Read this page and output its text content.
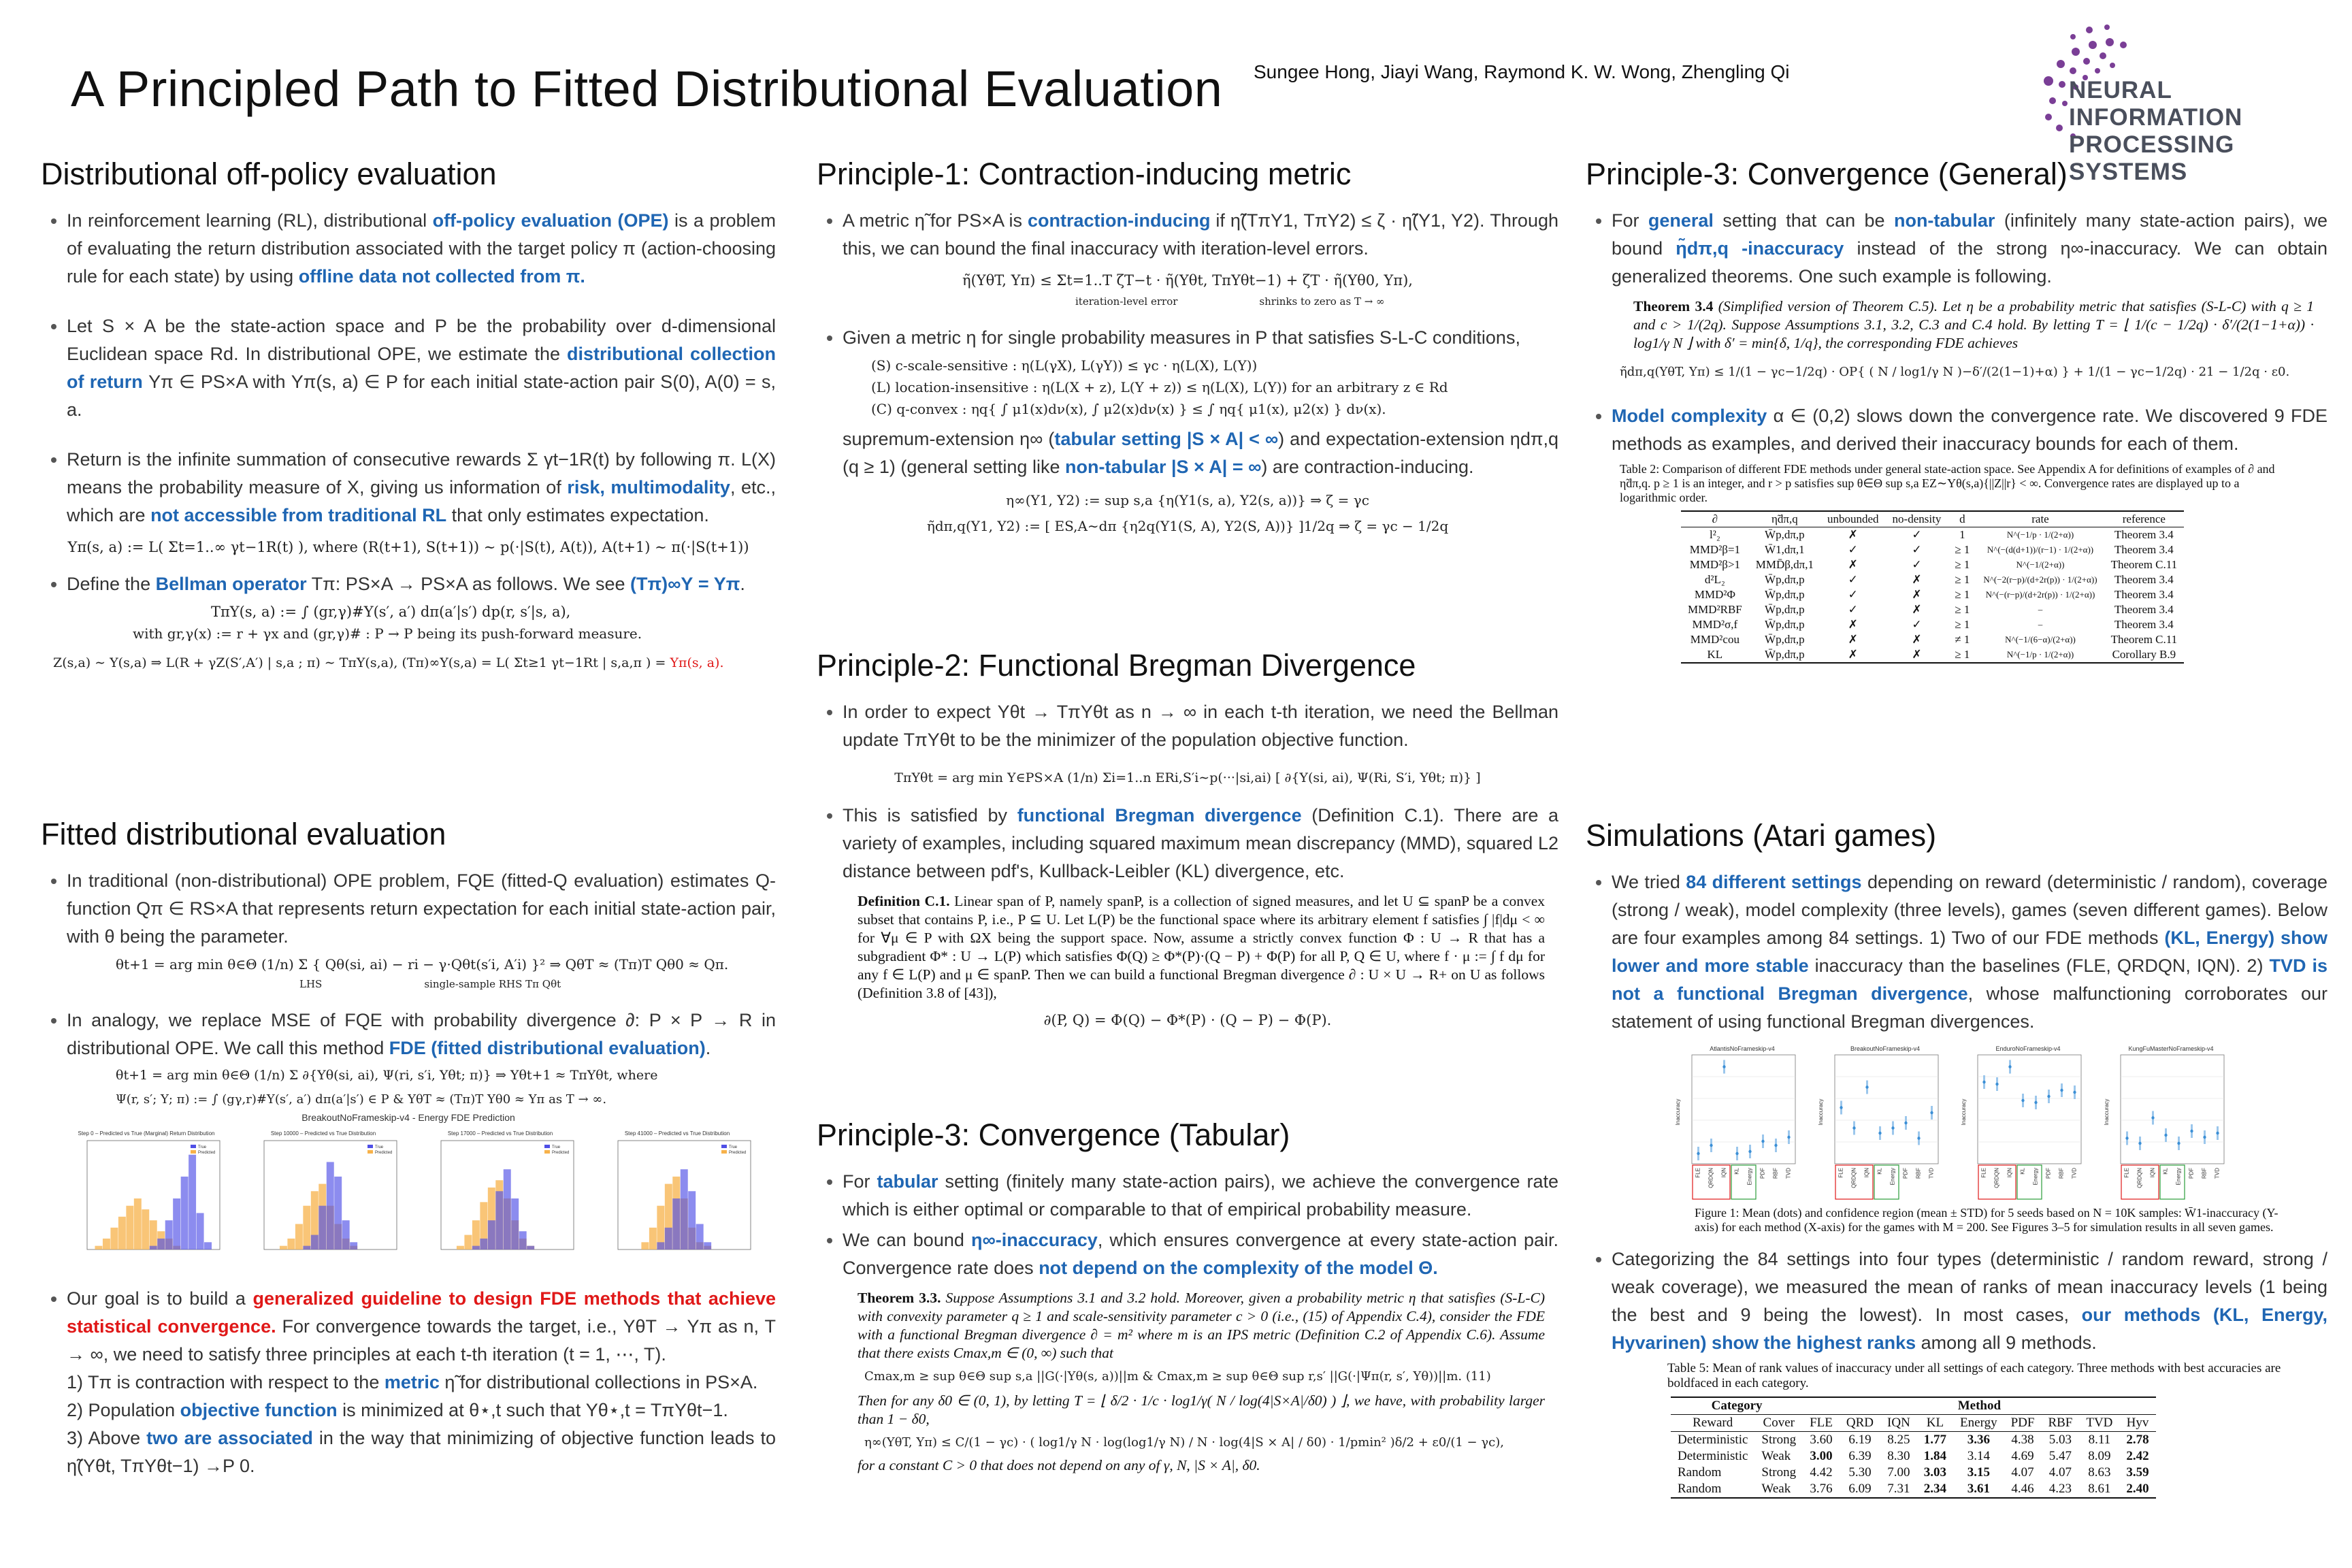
A Principled Path to Fitted Distributional Evaluation Sungee Hong, Jiayi Wang, Raymond K. W. Wong, Zhengling Qi
NEURAL INFORMATION
PROCESSING SYSTEMS
Distributional off-policy evaluation
• In reinforcement learning (RL), distributional off-policy evaluation (OPE) is a problem of evaluating the return distribution associated with the target policy π (action-choosing rule for each state) by using offline data not collected from π.
• Let S × A be the state-action space and P be the probability over d-dimensional Euclidean space Rd. In distributional OPE, we estimate the distributional collection of return Υπ ∈ PS×A with Υπ(s, a) ∈ P for each initial state-action pair S(0), A(0) = s, a.
• Return is the infinite summation of consecutive rewards Σ γt−1R(t) by following π. L(X) means the probability measure of X, giving us information of risk, multimodality, etc., which are not accessible from traditional RL that only estimates expectation.
Υπ(s, a) := L( Σt=1..∞ γt−1R(t) ), where (R(t+1), S(t+1)) ∼ p(·|S(t), A(t)), A(t+1) ∼ π(·|S(t+1))
• Define the Bellman operator Tπ: PS×A → PS×A as follows. We see (Tπ)∞Υ = Υπ.
TπΥ(s, a) := ∫ (gr,γ)#Υ(s′, a′) dπ(a′|s′) dp(r, s′|s, a),
with gr,γ(x) := r + γx and (gr,γ)# : P → P being its push-forward measure.
Z(s,a) ∼ Υ(s,a) ⇒ L(R + γZ(S′,A′) | s,a ; π) ∼ TπΥ(s,a), (Tπ)∞Υ(s,a) = L( Σt≥1 γt−1Rt | s,a,π ) = Υπ(s, a).
Fitted distributional evaluation
• In traditional (non-distributional) OPE problem, FQE (fitted-Q evaluation) estimates Q-function Qπ ∈ RS×A that represents return expectation for each initial state-action pair, with θ being the parameter.
θt+1 = arg min θ∈Θ (1/n) Σ { Qθ(si, ai) − ri − γ·Qθt(s′i, A′i) }² ⇒ QθT ≈ (Tπ)T Qθ0 ≈ Qπ.
LHS	single-sample RHS Tπ Qθt
• In analogy, we replace MSE of FQE with probability divergence ∂: P × P → R in distributional OPE. We call this method FDE (fitted distributional evaluation).
θt+1 = arg min θ∈Θ (1/n) Σ ∂{Υθ(si, ai), Ψ(ri, s′i, Υθt; π)} ⇒ Υθt+1 ≈ TπΥθt, where
Ψ(r, s′; Υ; π) := ∫ (gγ,r)#Υ(s′, a′) dπ(a′|s′) ∈ P & ΥθT ≈ (Tπ)T Υθ0 ≈ Υπ as T → ∞.
BreakoutNoFrameskip-v4 - Energy FDE Prediction
Step 0 – Predicted vs True (Marginal) Return Distribution
True
Predicted
Step 10000 – Predicted vs True Distribution
True
Predicted
Step 17000 – Predicted vs True Distribution
True
Predicted
Step 41000 – Predicted vs True Distribution
True
Predicted
• Our goal is to build a generalized guideline to design FDE methods that achieve statistical convergence. For convergence towards the target, i.e., ΥθT → Υπ as n, T → ∞, we need to satisfy three principles at each t-th iteration (t = 1, ⋯, T).
1) Tπ is contraction with respect to the metric η̃ for distributional collections in PS×A.
2) Population objective function is minimized at θ⋆,t such that Υθ⋆,t = TπΥθt−1.
3) Above two are associated in the way that minimizing of objective function leads to η̃(Υθt, TπΥθt−1) →P 0.
Principle-1: Contraction-inducing metric
• A metric η̃ for PS×A is contraction-inducing if η̃(TπΥ1, TπΥ2) ≤ ζ · η̃(Υ1, Υ2). Through this, we can bound the final inaccuracy with iteration-level errors.
η̃(ΥθT, Υπ) ≤ Σt=1..T ζT−t · η̃(Υθt, TπΥθt−1) + ζT · η̃(Υθ0, Υπ),
iteration-level error	shrinks to zero as T → ∞
• Given a metric η for single probability measures in P that satisfies S-L-C conditions,
(S) c-scale-sensitive : η(L(γX), L(γY)) ≤ γc · η(L(X), L(Y))
(L) location-insensitive : η(L(X + z), L(Y + z)) ≤ η(L(X), L(Y)) for an arbitrary z ∈ Rd
(C) q-convex : ηq{ ∫ μ1(x)dν(x), ∫ μ2(x)dν(x) } ≤ ∫ ηq{ μ1(x), μ2(x) } dν(x).
supremum-extension η∞ (tabular setting |S × A| < ∞) and expectation-extension ηdπ,q (q ≥ 1) (general setting like non-tabular |S × A| = ∞) are contraction-inducing.
η∞(Υ1, Υ2) := sup s,a {η(Υ1(s, a), Υ2(s, a))} ⇒ ζ = γc
η̃dπ,q(Υ1, Υ2) := [ ES,A∼dπ {η2q(Υ1(S, A), Υ2(S, A))} ]1/2q ⇒ ζ = γc − 1/2q
Principle-2: Functional Bregman Divergence
• In order to expect Υθt → TπΥθt as n → ∞ in each t-th iteration, we need the Bellman update TπΥθt to be the minimizer of the population objective function.
TπΥθt = arg min Υ∈PS×A (1/n) Σi=1..n ERi,S′i∼p(···|si,ai) [ ∂{Υ(si, ai), Ψ(Ri, S′i, Υθt; π)} ]
• This is satisfied by functional Bregman divergence (Definition C.1). There are a variety of examples, including squared maximum mean discrepancy (MMD), squared L2 distance between pdf's, Kullback-Leibler (KL) divergence, etc.
Definition C.1. Linear span of P, namely spanP, is a collection of signed measures, and let U ⊆ spanP be a convex subset that contains P, i.e., P ⊆ U. Let L(P) be the functional space where its arbitrary element f satisfies ∫ |f|dμ < ∞ for ∀μ ∈ P with ΩX being the support space. Now, assume a strictly convex function Φ : U → R that has a subgradient Φ* : U → L(P) which satisfies Φ(Q) ≥ Φ*(P)·(Q − P) + Φ(P) for all P, Q ∈ U, where f · μ := ∫ f dμ for any f ∈ L(P) and μ ∈ spanP. Then we can build a functional Bregman divergence ∂ : U × U → R+ on U as follows (Definition 3.8 of [43]),
∂(P, Q) = Φ(Q) − Φ*(P) · (Q − P) − Φ(P).
Principle-3: Convergence (Tabular)
• For tabular setting (finitely many state-action pairs), we achieve the convergence rate which is either optimal or comparable to that of empirical probability measure.
• We can bound η∞-inaccuracy, which ensures convergence at every state-action pair. Convergence rate does not depend on the complexity of the model Θ.
Theorem 3.3. Suppose Assumptions 3.1 and 3.2 hold. Moreover, given a probability metric η that satisfies (S-L-C) with convexity parameter q ≥ 1 and scale-sensitivity parameter c > 0 (i.e., (15) of Appendix C.4), consider the FDE with a functional Bregman divergence ∂ = m² where m is an IPS metric (Definition C.2 of Appendix C.6). Assume that there exists Cmax,m ∈ (0, ∞) such that
Cmax,m ≥ sup θ∈Θ sup s,a ||G(·|Υθ(s, a))||m & Cmax,m ≥ sup θ∈Θ sup r,s′ ||G(·|Ψπ(r, s′, Υθ))||m. (11)
Then for any δ0 ∈ (0, 1), by letting T = ⌊ δ/2 · 1/c · log1/γ( N / log(4|S×A|/δ0) ) ⌋, we have, with probability larger than 1 − δ0,
η∞(ΥθT, Υπ) ≤ C/(1 − γc) · ( log1/γ N · log(log1/γ N) / N · log(4|S × A| / δ0) · 1/pmin² )δ/2 + ε0/(1 − γc),
for a constant C > 0 that does not depend on any of γ, N, |S × A|, δ0.
Principle-3: Convergence (General)
• For general setting that can be non-tabular (infinitely many state-action pairs), we bound η̃dπ,q -inaccuracy instead of the strong η∞-inaccuracy. We can obtain generalized theorems. One such example is following.
Theorem 3.4 (Simplified version of Theorem C.5). Let η be a probability metric that satisfies (S-L-C) with q ≥ 1 and c > 1/(2q). Suppose Assumptions 3.1, 3.2, C.3 and C.4 hold. By letting T = ⌊ 1/(c − 1/2q) · δ′/(2(1−1+α)) · log1/γ N ⌋ with δ′ = min{δ, 1/q}, the corresponding FDE achieves
η̃dπ,q(ΥθT, Υπ) ≤ 1/(1 − γc−1/2q) · OP{ ( N / log1/γ N )−δ′/(2(1−1)+α) } + 1/(1 − γc−1/2q) · 21 − 1/2q · ε0.
• Model complexity α ∈ (0,2) slows down the convergence rate. We discovered 9 FDE methods as examples, and derived their inaccuracy bounds for each of them.
Table 2: Comparison of different FDE methods under general state-action space. See Appendix A for definitions of examples of ∂ and η̃dπ,q. p ≥ 1 is an integer, and r > p satisfies sup θ∈Θ sup s,a EZ∼Υθ(s,a){||Z||r} < ∞. Convergence rates are displayed up to a logarithmic order.
∂	η̃dπ,q	unbounded	no-density	d	rate	reference
l²₂	W̄p,dπ,p	✗	✓	1	N^(−1/p · 1/(2+α))	Theorem 3.4
MMD²β=1	W̄1,dπ,1	✓	✓	≥ 1	N^(−(d(d+1))/(r−1) · 1/(2+α))	Theorem 3.4
MMD²β>1	MMD̄β,dπ,1	✗	✓	≥ 1	N^(−1/(2+α))	Theorem C.11
d²L₂	W̄p,dπ,p	✓	✗	≥ 1	N^(−2(r−p)/(d+2r(p)) · 1/(2+α))	Theorem 3.4
MMD²Φ	W̄p,dπ,p	✓	✗	≥ 1	N^(−(r−p)/(d+2r(p)) · 1/(2+α))	Theorem 3.4
MMD²RBF	W̄p,dπ,p	✓	✗	≥ 1	–	Theorem 3.4
MMD²σ,f	W̄p,dπ,p	✗	✓	≥ 1	–	Theorem 3.4
MMD²cou	W̄p,dπ,p	✗	✗	≠ 1	N^(−1/(6−α)/(2+α))	Theorem C.11
KL	W̄p,dπ,p	✗	✗	≥ 1	N^(−1/p · 1/(2+α))	Corollary B.9
Simulations (Atari games)
• We tried 84 different settings depending on reward (deterministic / random), coverage (strong / weak), model complexity (three levels), games (seven different games). Below are four examples among 84 settings. 1) Two of our FDE methods (KL, Energy) show lower and more stable inaccuracy than the baselines (FLE, QRDQN, IQN). 2) TVD is not a functional Bregman divergence, whose malfunctioning corroborates our statement of using functional Bregman divergences.
AtlantisNoFrameskip-v4
Inaccuracy
FLE QRDQN IQN KL Energy PDF RBF TVD
BreakoutNoFrameskip-v4
Inaccuracy
FLE QRDQN IQN KL Energy PDF RBF TVD
EnduroNoFrameskip-v4
Inaccuracy
FLE QRDQN IQN KL Energy PDF RBF TVD
KungFuMasterNoFrameskip-v4
Inaccuracy
FLE QRDQN IQN KL Energy PDF RBF TVD
Figure 1: Mean (dots) and confidence region (mean ± STD) for 5 seeds based on N = 10K samples: W̄1-inaccuracy (Y-axis) for each method (X-axis) for the games with M = 200. See Figures 3–5 for simulation results in all seven games.
• Categorizing the 84 settings into four types (deterministic / random reward, strong / weak coverage), we measured the mean of ranks of mean inaccuracy levels (1 being the best and 9 being the lowest). In most cases, our methods (KL, Energy, Hyvarinen) show the highest ranks among all 9 methods.
Table 5: Mean of rank values of inaccuracy under all settings of each category. Three methods with best accuracies are boldfaced in each category.
Category		Method								
Reward	Cover	FLE	QRD	IQN	KL	Energy	PDF	RBF	TVD	Hyv
Deterministic	Strong	3.60	6.19	8.25	1.77	3.36	4.38	5.03	8.11	2.78
Deterministic	Weak	3.00	6.39	8.30	1.84	3.14	4.69	5.47	8.09	2.42
Random	Strong	4.42	5.30	7.00	3.03	3.15	4.07	4.07	8.63	3.59
Random	Weak	3.76	6.09	7.31	2.34	3.61	4.46	4.23	8.61	2.40
